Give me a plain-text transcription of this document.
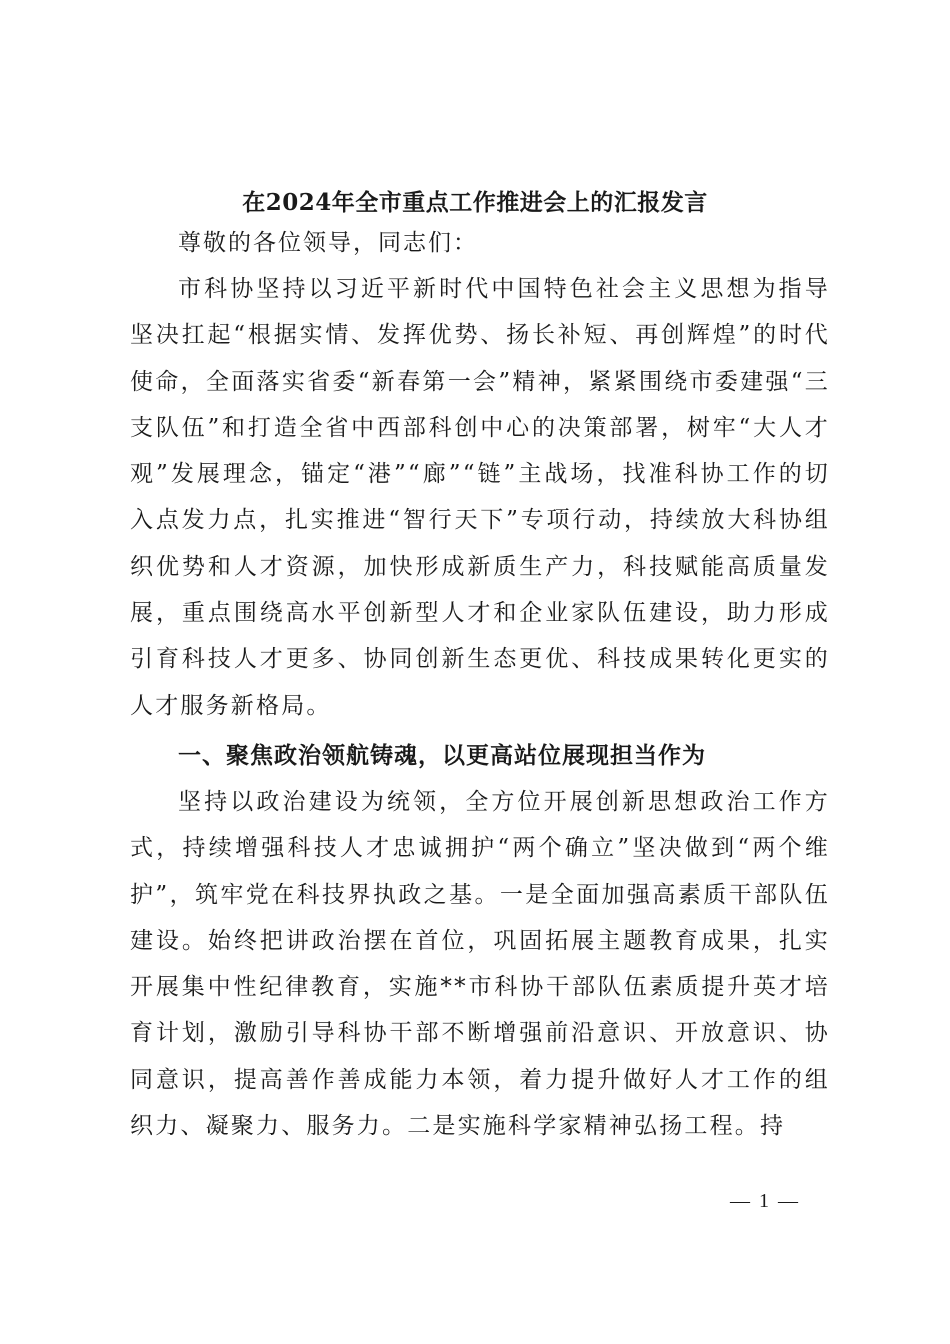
在2024年全市重点工作推进会上的汇报发言
尊敬的各位领导，同志们：

市科协坚持以习近平新时代中国特色社会主义思想为指导坚决扛起“根据实情、发挥优势、扬长补短、再创辉煌”的时代使命，全面落实省委“新春第一会”精神，紧紧围绕市委建强“三支队伍”和打造全省中西部科创中心的决策部署，树牢“大人才观”发展理念，锚定“港”“廊”“链”主战场，找准科协工作的切入点发力点，扎实推进“智行天下”专项行动，持续放大科协组织优势和人才资源，加快形成新质生产力，科技赋能高质量发展，重点围绕高水平创新型人才和企业家队伍建设，助力形成引育科技人才更多、协同创新生态更优、科技成果转化更实的人才服务新格局。

一、聚焦政治领航铸魂，以更高站位展现担当作为

坚持以政治建设为统领，全方位开展创新思想政治工作方式，持续增强科技人才忠诚拥护“两个确立”坚决做到“两个维护”，筑牢党在科技界执政之基。一是全面加强高素质干部队伍建设。始终把讲政治摆在首位，巩固拓展主题教育成果，扎实开展集中性纪律教育，实施**市科协干部队伍素质提升英才培育计划，激励引导科协干部不断增强前沿意识、开放意识、协同意识，提高善作善成能力本领，着力提升做好人才工作的组织力、凝聚力、服务力。二是实施科学家精神弘扬工程。持

— 1 —
